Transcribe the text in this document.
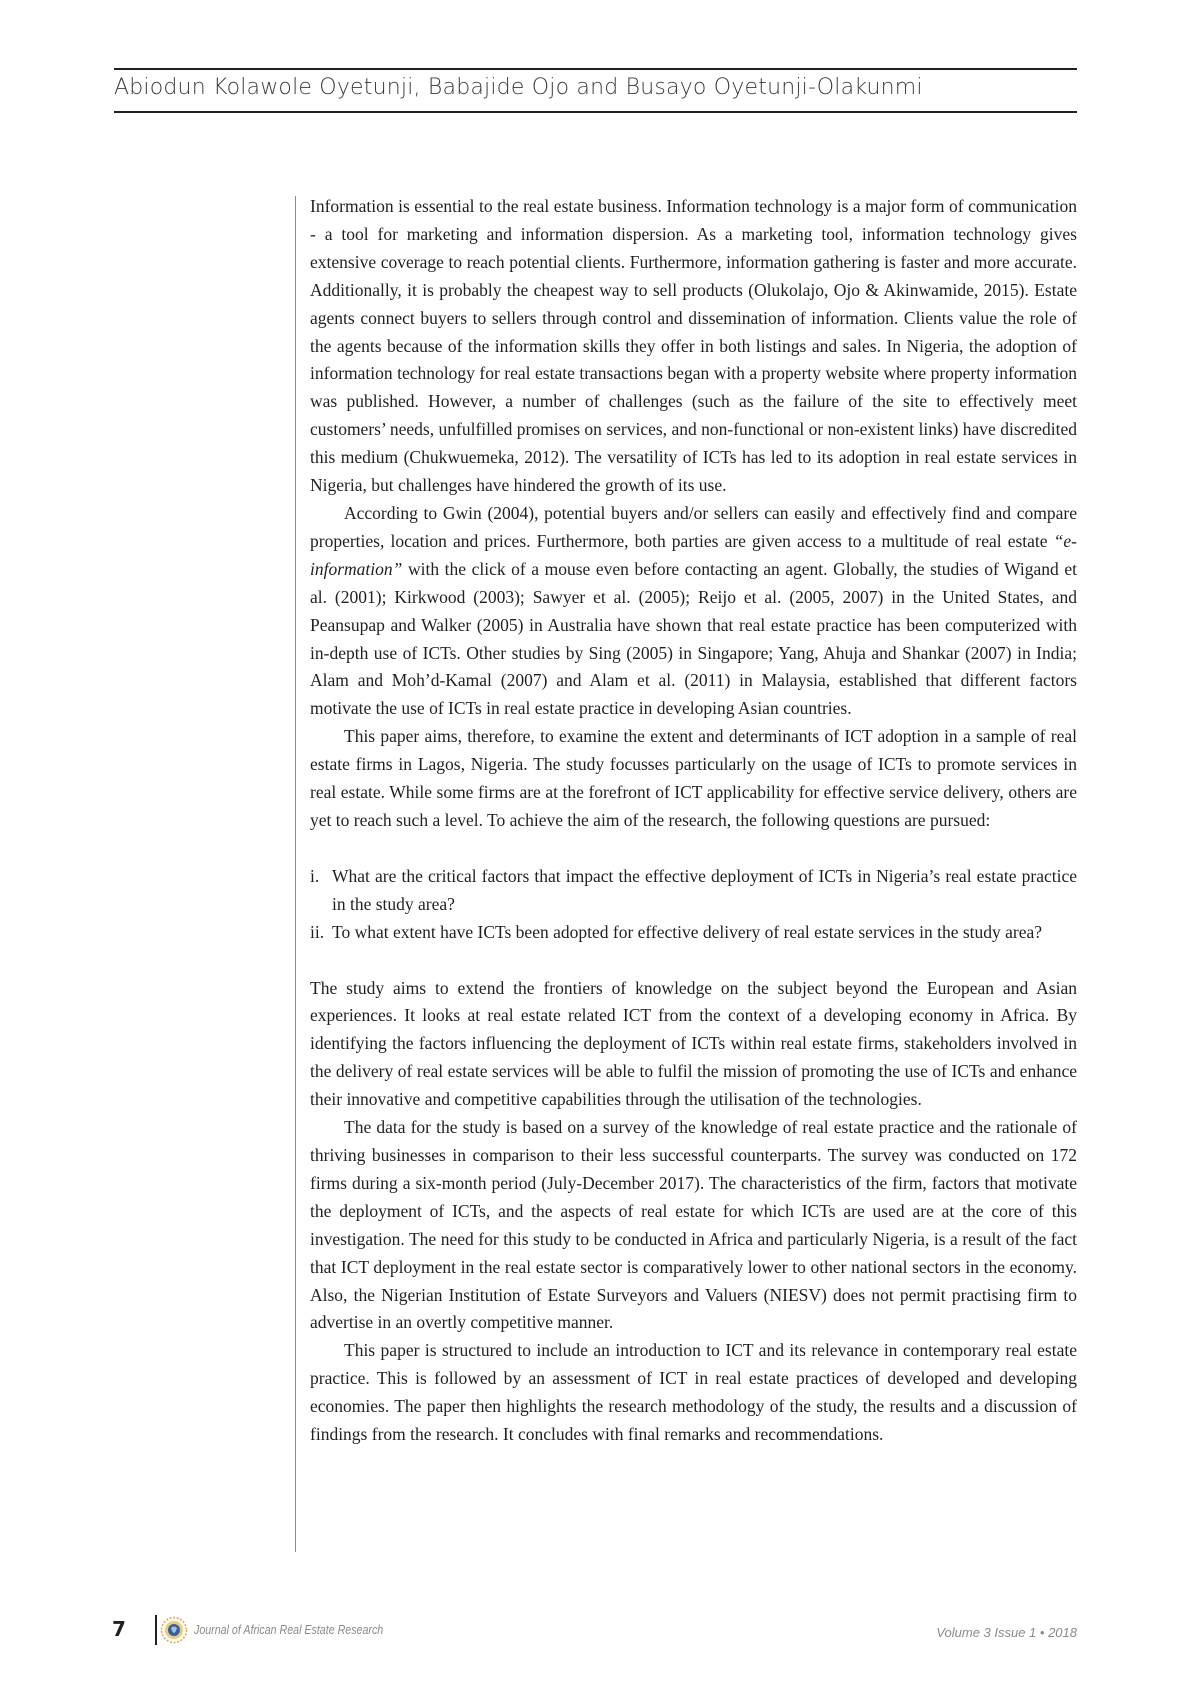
Abiodun Kolawole Oyetunji, Babajide Ojo and Busayo Oyetunji-Olakunmi

Information is essential to the real estate business. Information technology is a major form of communication - a tool for marketing and information dispersion. As a marketing tool, information technology gives extensive coverage to reach potential clients. Furthermore, information gathering is faster and more accurate. Additionally, it is probably the cheapest way to sell products (Olukolajo, Ojo & Akinwamide, 2015). Estate agents connect buyers to sellers through control and dissemination of information. Clients value the role of the agents because of the information skills they offer in both listings and sales. In Nigeria, the adoption of information technology for real estate transactions began with a property website where property information was published. However, a number of challenges (such as the failure of the site to effectively meet customers’ needs, unfulfilled promises on services, and non-functional or non-existent links) have discredited this medium (Chukwuemeka, 2012). The versatility of ICTs has led to its adoption in real estate services in Nigeria, but challenges have hindered the growth of its use.

According to Gwin (2004), potential buyers and/or sellers can easily and effectively find and compare properties, location and prices. Furthermore, both parties are given access to a multitude of real estate “e-information” with the click of a mouse even before contacting an agent. Globally, the studies of Wigand et al. (2001); Kirkwood (2003); Sawyer et al. (2005); Reijo et al. (2005, 2007) in the United States, and Peansupap and Walker (2005) in Australia have shown that real estate practice has been computerized with in-depth use of ICTs. Other studies by Sing (2005) in Singapore; Yang, Ahuja and Shankar (2007) in India; Alam and Moh’d-Kamal (2007) and Alam et al. (2011) in Malaysia, established that different factors motivate the use of ICTs in real estate practice in developing Asian countries.

This paper aims, therefore, to examine the extent and determinants of ICT adoption in a sample of real estate firms in Lagos, Nigeria. The study focusses particularly on the usage of ICTs to promote services in real estate. While some firms are at the forefront of ICT applicability for effective service delivery, others are yet to reach such a level. To achieve the aim of the research, the following questions are pursued:

i. What are the critical factors that impact the effective deployment of ICTs in Nigeria’s real estate practice in the study area?
ii. To what extent have ICTs been adopted for effective delivery of real estate services in the study area?

The study aims to extend the frontiers of knowledge on the subject beyond the European and Asian experiences. It looks at real estate related ICT from the context of a developing economy in Africa. By identifying the factors influencing the deployment of ICTs within real estate firms, stakeholders involved in the delivery of real estate services will be able to fulfil the mission of promoting the use of ICTs and enhance their innovative and competitive capabilities through the utilisation of the technologies.

The data for the study is based on a survey of the knowledge of real estate practice and the rationale of thriving businesses in comparison to their less successful counterparts. The survey was conducted on 172 firms during a six-month period (July-December 2017). The characteristics of the firm, factors that motivate the deployment of ICTs, and the aspects of real estate for which ICTs are used are at the core of this investigation. The need for this study to be conducted in Africa and particularly Nigeria, is a result of the fact that ICT deployment in the real estate sector is comparatively lower to other national sectors in the economy. Also, the Nigerian Institution of Estate Surveyors and Valuers (NIESV) does not permit practising firm to advertise in an overtly competitive manner.

This paper is structured to include an introduction to ICT and its relevance in contemporary real estate practice. This is followed by an assessment of ICT in real estate practices of developed and developing economies. The paper then highlights the research methodology of the study, the results and a discussion of findings from the research. It concludes with final remarks and recommendations.

7	Journal of African Real Estate Research	Volume 3 Issue 1 • 2018
